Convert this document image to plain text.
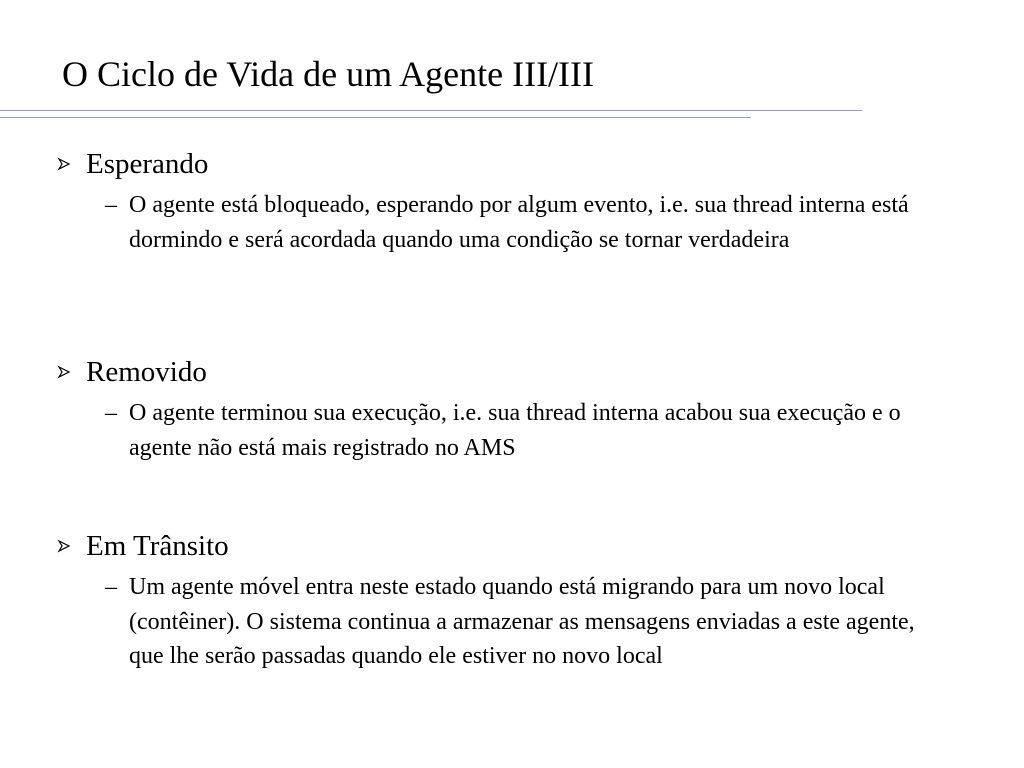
O Ciclo de Vida de um Agente III/III
Esperando
– O agente está bloqueado, esperando por algum evento, i.e. sua thread interna está dormindo e será acordada quando uma condição se tornar verdadeira
Removido
– O agente terminou sua execução, i.e. sua thread interna acabou sua execução e o agente não está mais registrado no AMS
Em Trânsito
– Um agente móvel entra neste estado quando está migrando para um novo local (contêiner). O sistema continua a armazenar as mensagens enviadas a este agente, que lhe serão passadas quando ele estiver no novo local
